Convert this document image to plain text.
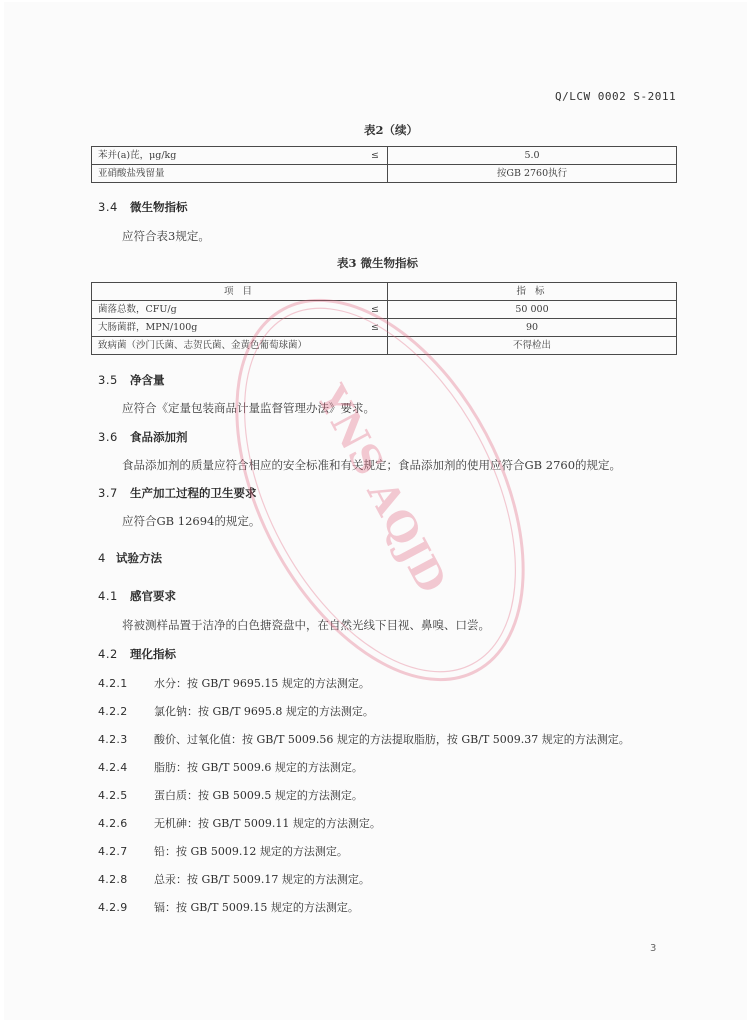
Q/LCW 0002 S-2011
表2（续）
苯并(a)芘，μg/kg ≤	5.0
亚硝酸盐残留量	按GB 2760执行
3.4 微生物指标
应符合表3规定。
表3 微生物指标
项 目	指 标
菌落总数，CFU/g ≤	50 000
大肠菌群，MPN/100g ≤	90
致病菌（沙门氏菌、志贺氏菌、金黄色葡萄球菌）	不得检出
3.5 净含量
应符合《定量包装商品计量监督管理办法》要求。
3.6 食品添加剂
食品添加剂的质量应符合相应的安全标准和有关规定；食品添加剂的使用应符合GB 2760的规定。
3.7 生产加工过程的卫生要求
应符合GB 12694的规定。
4 试验方法
4.1 感官要求
将被测样品置于洁净的白色搪瓷盘中，在自然光线下目视、鼻嗅、口尝。
4.2 理化指标
4.2.1 水分：按 GB/T 9695.15 规定的方法测定。
4.2.2 氯化钠：按 GB/T 9695.8 规定的方法测定。
4.2.3 酸价、过氧化值：按 GB/T 5009.56 规定的方法提取脂肪，按 GB/T 5009.37 规定的方法测定。
4.2.4 脂肪：按 GB/T 5009.6 规定的方法测定。
4.2.5 蛋白质：按 GB 5009.5 规定的方法测定。
4.2.6 无机砷：按 GB/T 5009.11 规定的方法测定。
4.2.7 铅：按 GB 5009.12 规定的方法测定。
4.2.8 总汞：按 GB/T 5009.17 规定的方法测定。
4.2.9 镉：按 GB/T 5009.15 规定的方法测定。
3
YNS AQJD
